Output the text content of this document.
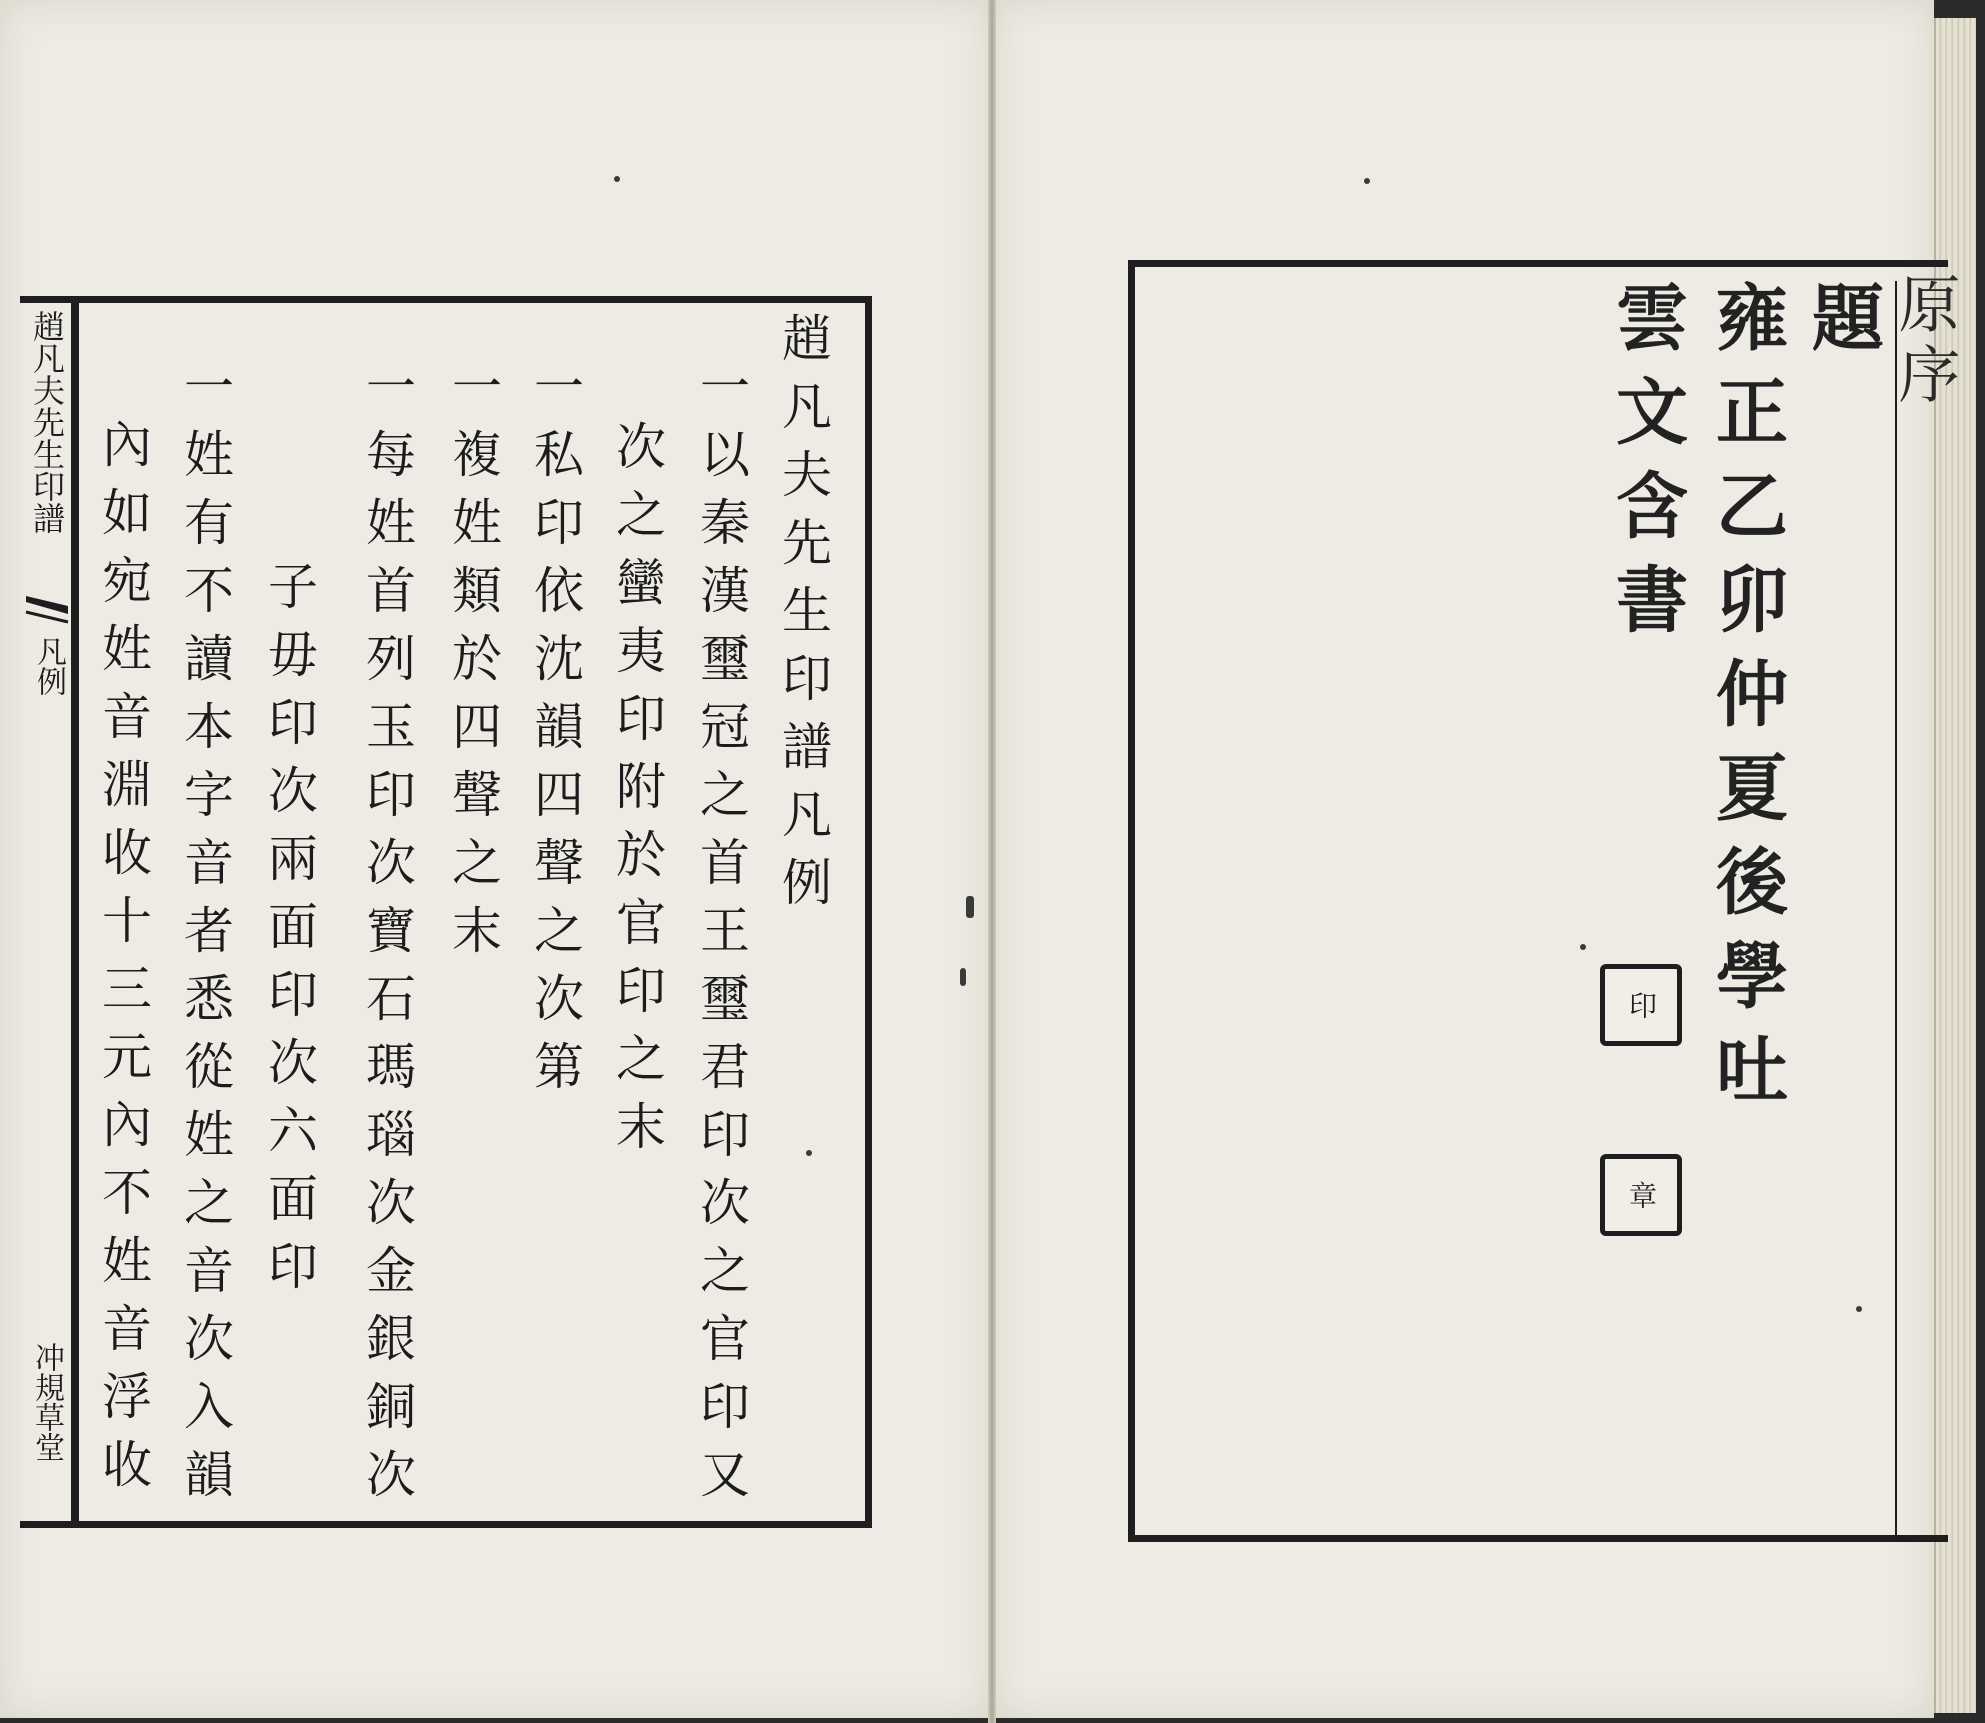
趙凡夫先生印譜
凡例
冲規草堂
趙凡夫先生印譜凡例
一以秦漢璽冠之首王璽君印次之官印又
次之蠻夷印附於官印之末
一私印依沈韻四聲之次第
一複姓類於四聲之末
一每姓首列玉印次寶石瑪瑙次金銀銅次
子毋印次兩面印次六面印
一姓有不讀本字音者悉從姓之音次入韻
內如宛姓音淵收十三元內不姓音浮收
原序
題
雍正乙卯仲夏後學吐
雲文含書
印
章
